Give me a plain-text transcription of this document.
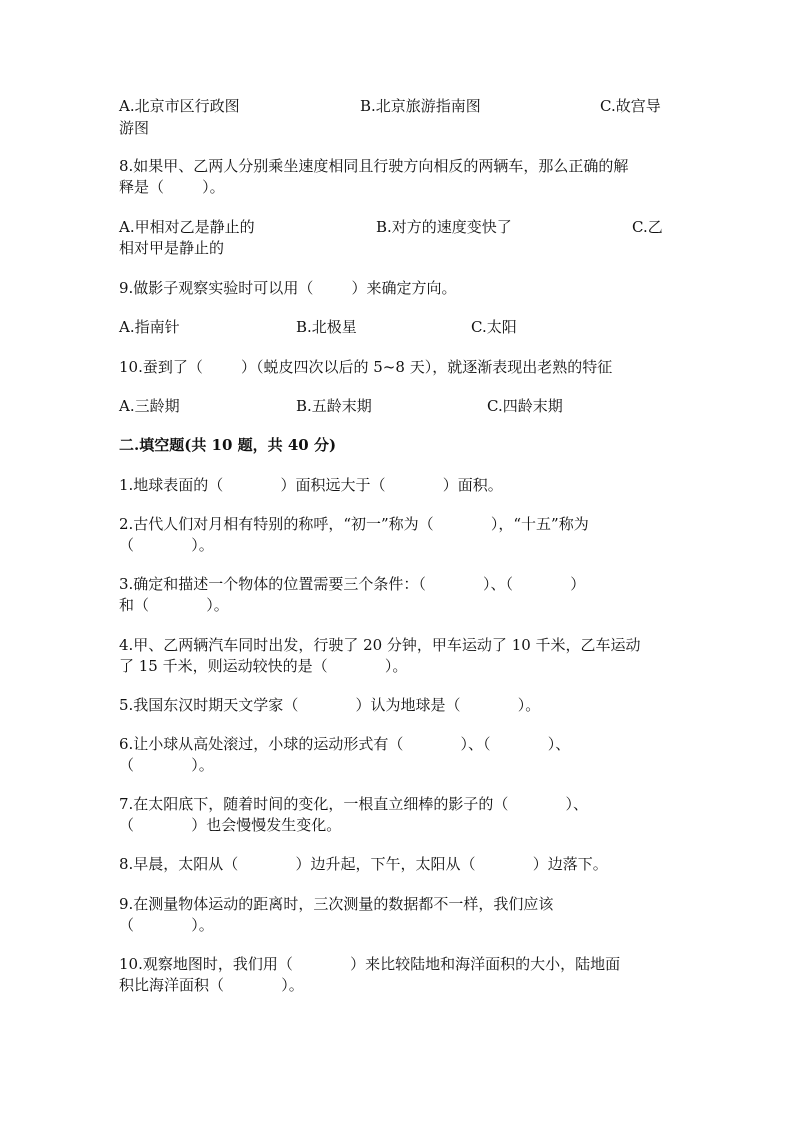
A.北京市区行政图	B.北京旅游指南图	C.故宫导
游图
8.如果甲、乙两人分别乘坐速度相同且行驶方向相反的两辆车，那么正确的解
释是（        ）。
A.甲相对乙是静止的	B.对方的速度变快了	C.乙
相对甲是静止的
9.做影子观察实验时可以用（        ）来确定方向。
A.指南针	B.北极星	C.太阳
10.蚕到了（        ）（蜕皮四次以后的 5~8 天），就逐渐表现出老熟的特征
A.三龄期	B.五龄末期	C.四龄末期
二.填空题(共 10 题，共 40 分)
1.地球表面的（            ）面积远大于（            ）面积。
2.古代人们对月相有特别的称呼，“初一”称为（            ），“十五”称为
（            ）。
3.确定和描述一个物体的位置需要三个条件：（            ）、（            ）
和（            ）。
4.甲、乙两辆汽车同时出发，行驶了 20 分钟，甲车运动了 10 千米，乙车运动
了 15 千米，则运动较快的是（            ）。
5.我国东汉时期天文学家（            ）认为地球是（            ）。
6.让小球从高处滚过，小球的运动形式有（            ）、（            ）、
（            ）。
7.在太阳底下，随着时间的变化，一根直立细棒的影子的（            ）、
（            ）也会慢慢发生变化。
8.早晨，太阳从（            ）边升起，下午，太阳从（            ）边落下。
9.在测量物体运动的距离时，三次测量的数据都不一样，我们应该
（            ）。
10.观察地图时，我们用（            ）来比较陆地和海洋面积的大小，陆地面
积比海洋面积（            ）。
